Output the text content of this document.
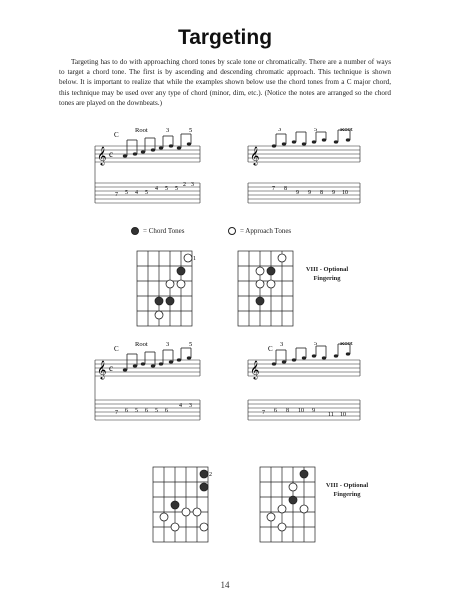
Targeting
Targeting has to do with approaching chord tones by scale tone or chromatically. There are a number of ways to target a chord tone. The first is by ascending and descending chromatic approach. This technique is shown below. It is important to realize that while the examples shown below use the chord tones from a C major chord, this technique may be used over any type of chord (minor, dim, etc.). (Notice the notes are arranged so the chord tones are played on the downbeats.)
𝄞 c
C
Root	3	5
7 5 4 5
4 5 5
2 3
𝄞
3	5	Root
7 8
9 9 8 9 10
= Chord Tones	= Approach Tones
1
VIII - Optional Fingering
𝄞 c
C
Root	3	5
7 6 5 6 5 6
4 3
𝄞
C
3	5	Root
7 6 8 10 9
11 10
2
VIII - Optional Fingering
14
